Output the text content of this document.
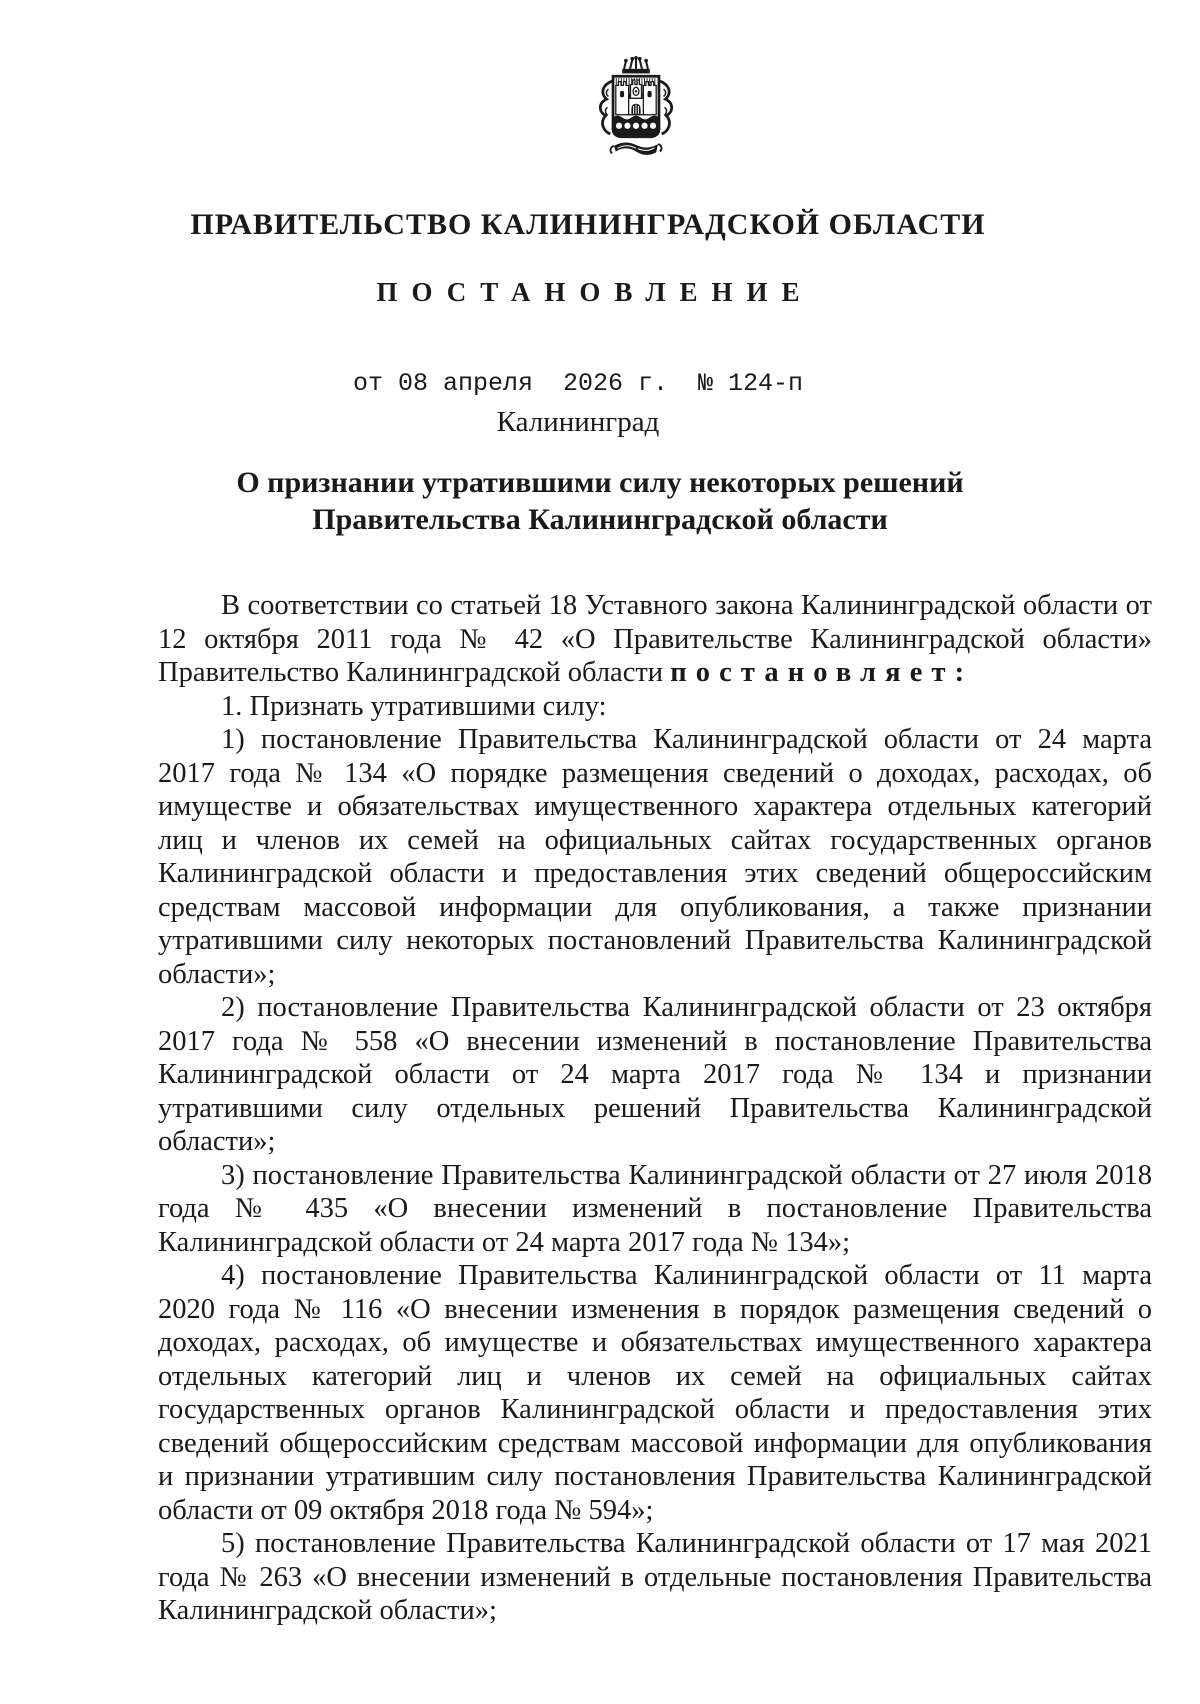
ПРАВИТЕЛЬСТВО КАЛИНИНГРАДСКОЙ ОБЛАСТИ
ПОСТАНОВЛЕНИЕ
от 08 апреля  2026 г.  № 124-п
Калининград
О признании утратившими силу некоторых решений
Правительства Калининградской области

В соответствии со статьей 18 Уставного закона Калининградской области от 12 октября 2011 года № 42 «О Правительстве Калининградской области» Правительство Калининградской области постановляет:

1. Признать утратившими силу:

1) постановление Правительства Калининградской области от 24 марта 2017 года № 134 «О порядке размещения сведений о доходах, расходах, об имуществе и обязательствах имущественного характера отдельных категорий лиц и членов их семей на официальных сайтах государственных органов Калининградской области и предоставления этих сведений общероссийским средствам массовой информации для опубликования, а также признании утратившими силу некоторых постановлений Правительства Калининградской области»;

2) постановление Правительства Калининградской области от 23 октября 2017 года № 558 «О внесении изменений в постановление Правительства Калининградской области от 24 марта 2017 года № 134 и признании утратившими силу отдельных решений Правительства Калининградской области»;

3) постановление Правительства Калининградской области от 27 июля 2018 года № 435 «О внесении изменений в постановление Правительства Калининградской области от 24 марта 2017 года № 134»;

4) постановление Правительства Калининградской области от 11 марта 2020 года № 116 «О внесении изменения в порядок размещения сведений о доходах, расходах, об имуществе и обязательствах имущественного характера отдельных категорий лиц и членов их семей на официальных сайтах государственных органов Калининградской области и предоставления этих сведений общероссийским средствам массовой информации для опубликования и признании утратившим силу постановления Правительства Калининградской области от 09 октября 2018 года № 594»;

5) постановление Правительства Калининградской области от 17 мая 2021 года № 263 «О внесении изменений в отдельные постановления Правительства Калининградской области»;
